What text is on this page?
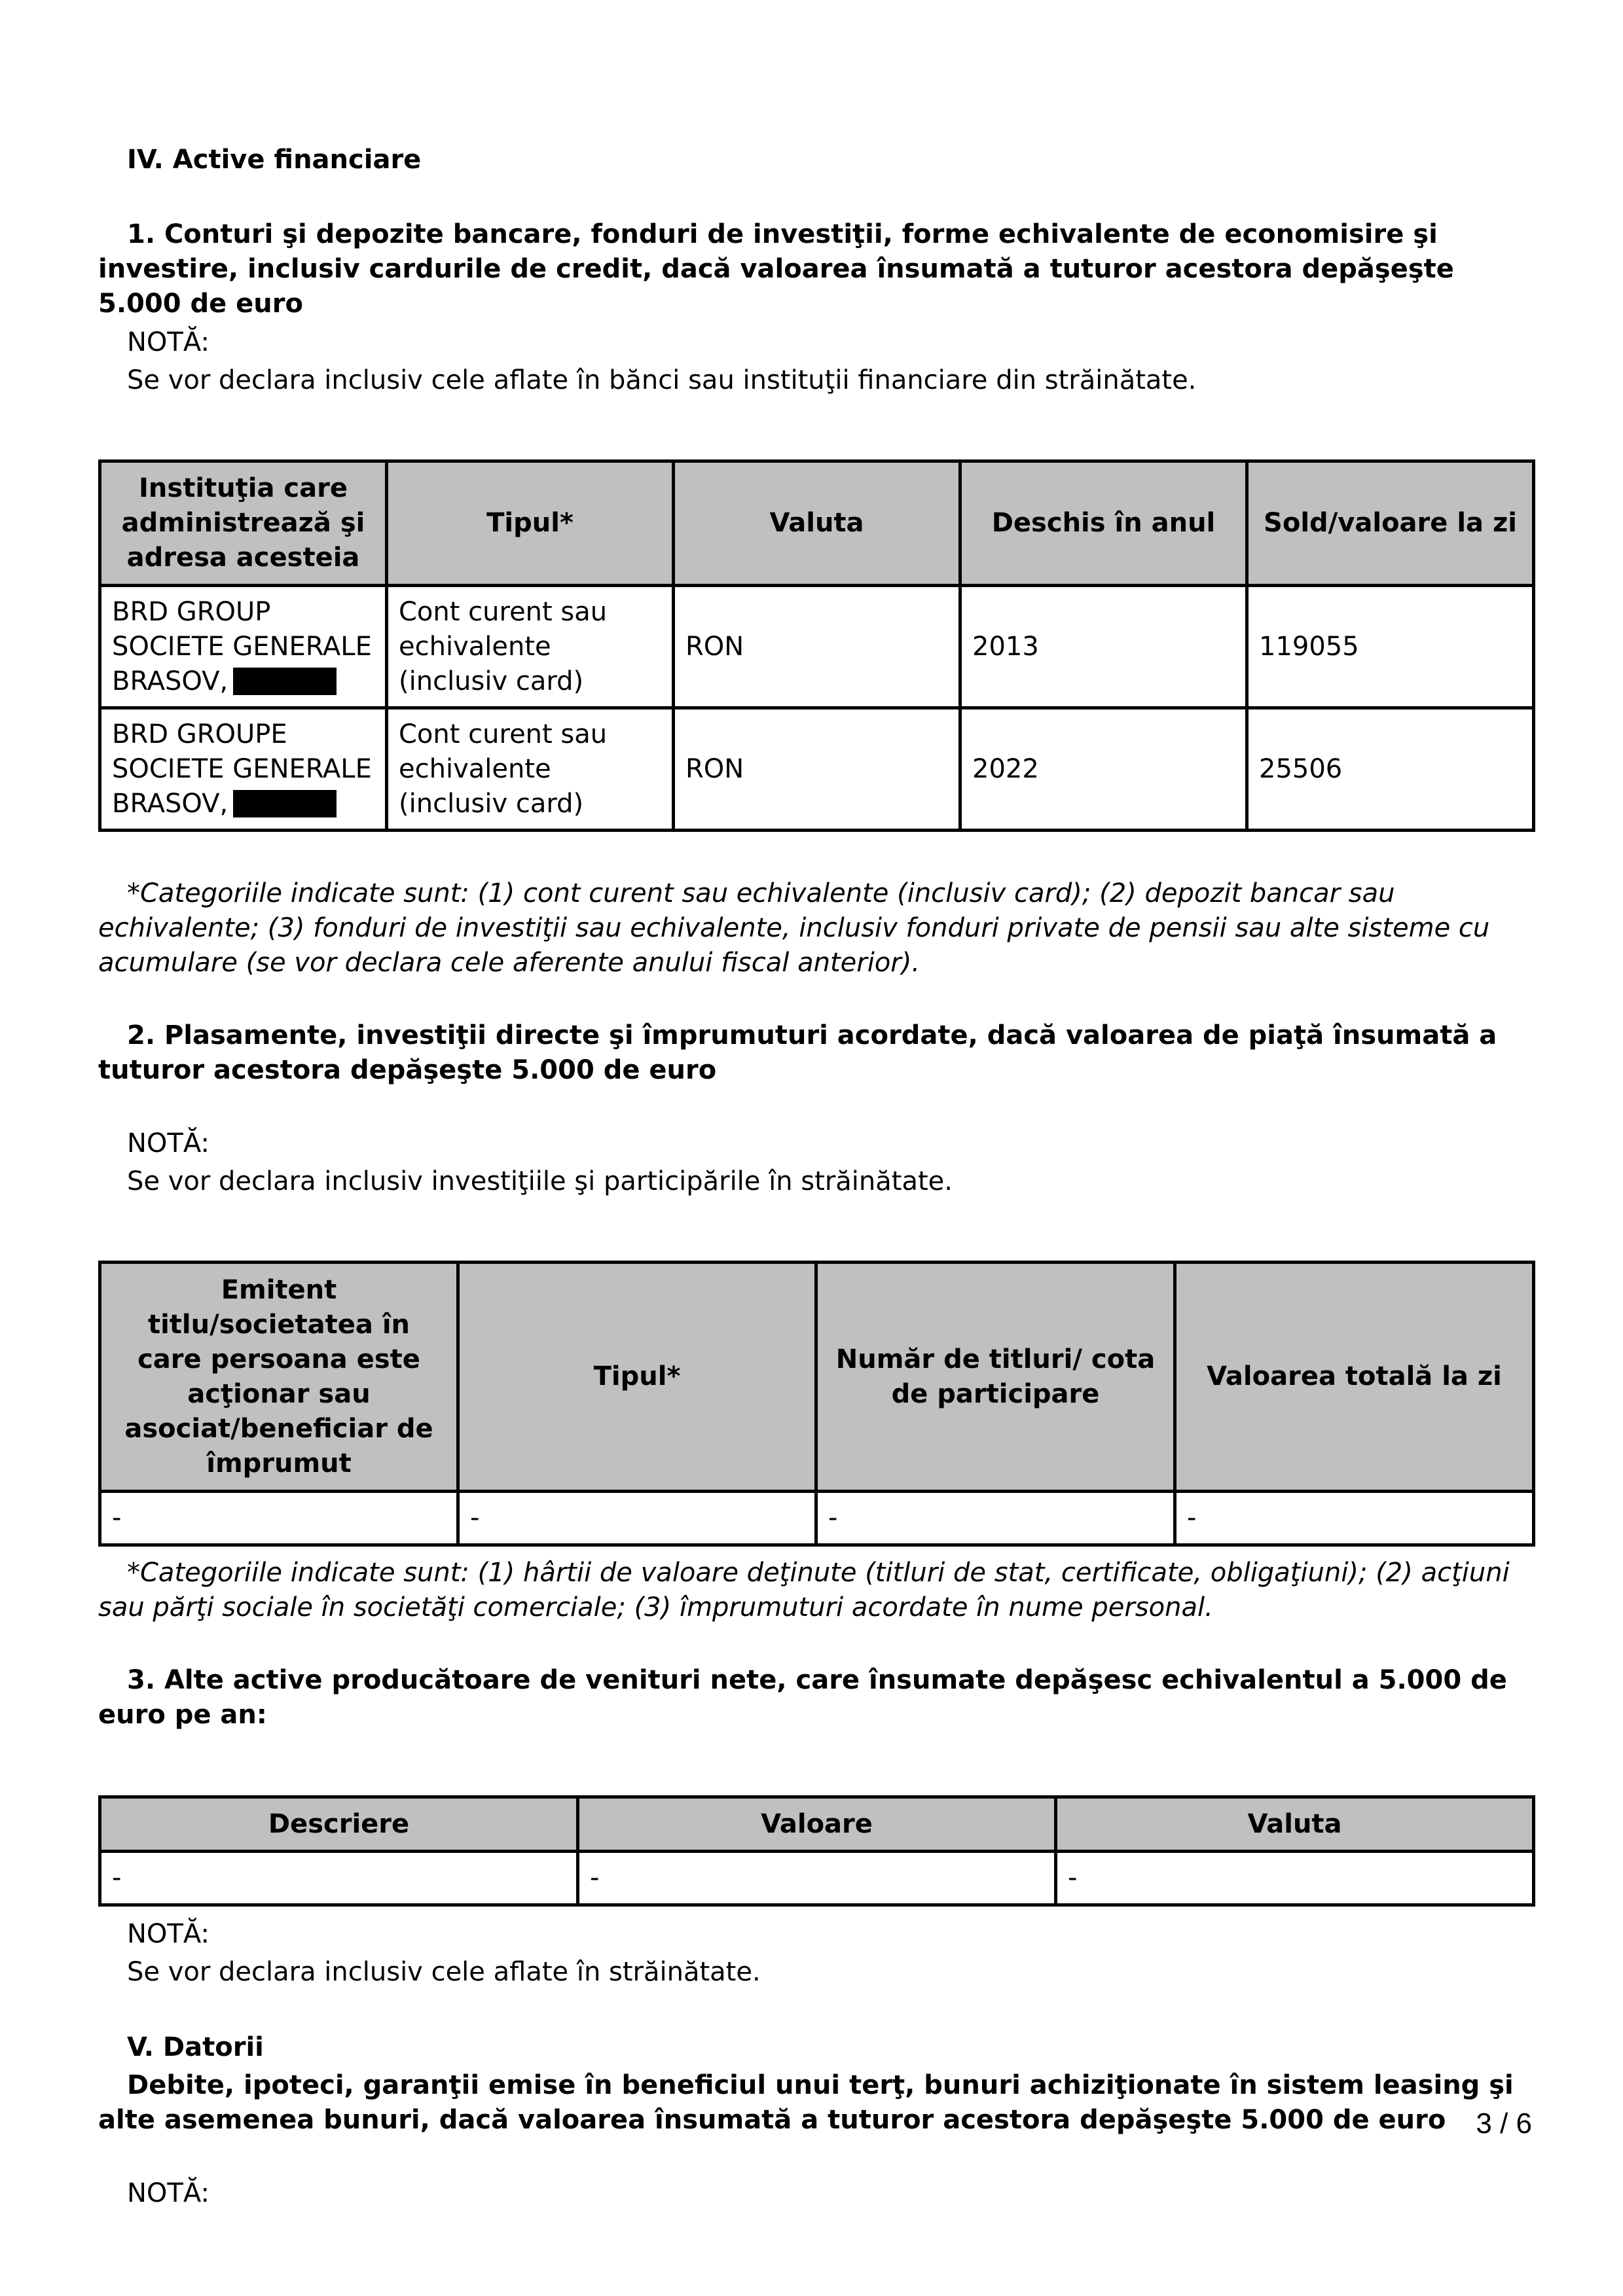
IV. Active financiare
1. Conturi şi depozite bancare, fonduri de investiţii, forme echivalente de economisire şi investire, inclusiv cardurile de credit, dacă valoarea însumată a tuturor acestora depăşeşte 5.000 de euro
NOTĂ:
Se vor declara inclusiv cele aflate în bănci sau instituţii financiare din străinătate.
Instituţia care administrează şi adresa acesteia	Tipul*	Valuta	Deschis în anul	Sold/valoare la zi

BRD GROUP
SOCIETE GENERALE
BRASOV,	Cont curent sau echivalente (inclusiv card)	RON	2013	119055

BRD GROUPE
SOCIETE GENERALE
BRASOV,	Cont curent sau echivalente (inclusiv card)	RON	2022	25506
*Categoriile indicate sunt: (1) cont curent sau echivalente (inclusiv card); (2) depozit bancar sau echivalente; (3) fonduri de investiţii sau echivalente, inclusiv fonduri private de pensii sau alte sisteme cu acumulare (se vor declara cele aferente anului fiscal anterior).
2. Plasamente, investiţii directe şi împrumuturi acordate, dacă valoarea de piaţă însumată a tuturor acestora depăşeşte 5.000 de euro
NOTĂ:
Se vor declara inclusiv investiţiile şi participările în străinătate.
Emitent titlu/societatea în care persoana este acţionar sau asociat/beneficiar de împrumut	Tipul*	Număr de titluri/ cota de participare	Valoarea totală la zi
-	-	-	-
*Categoriile indicate sunt: (1) hârtii de valoare deţinute (titluri de stat, certificate, obligaţiuni); (2) acţiuni sau părţi sociale în societăţi comerciale; (3) împrumuturi acordate în nume personal.
3. Alte active producătoare de venituri nete, care însumate depăşesc echivalentul a 5.000 de euro pe an:
Descriere	Valoare	Valuta
-	-	-
NOTĂ:
Se vor declara inclusiv cele aflate în străinătate.
V. Datorii
Debite, ipoteci, garanţii emise în beneficiul unui terţ, bunuri achiziţionate în sistem leasing şi alte asemenea bunuri, dacă valoarea însumată a tuturor acestora depăşeşte 5.000 de euro
NOTĂ:
3 / 6
